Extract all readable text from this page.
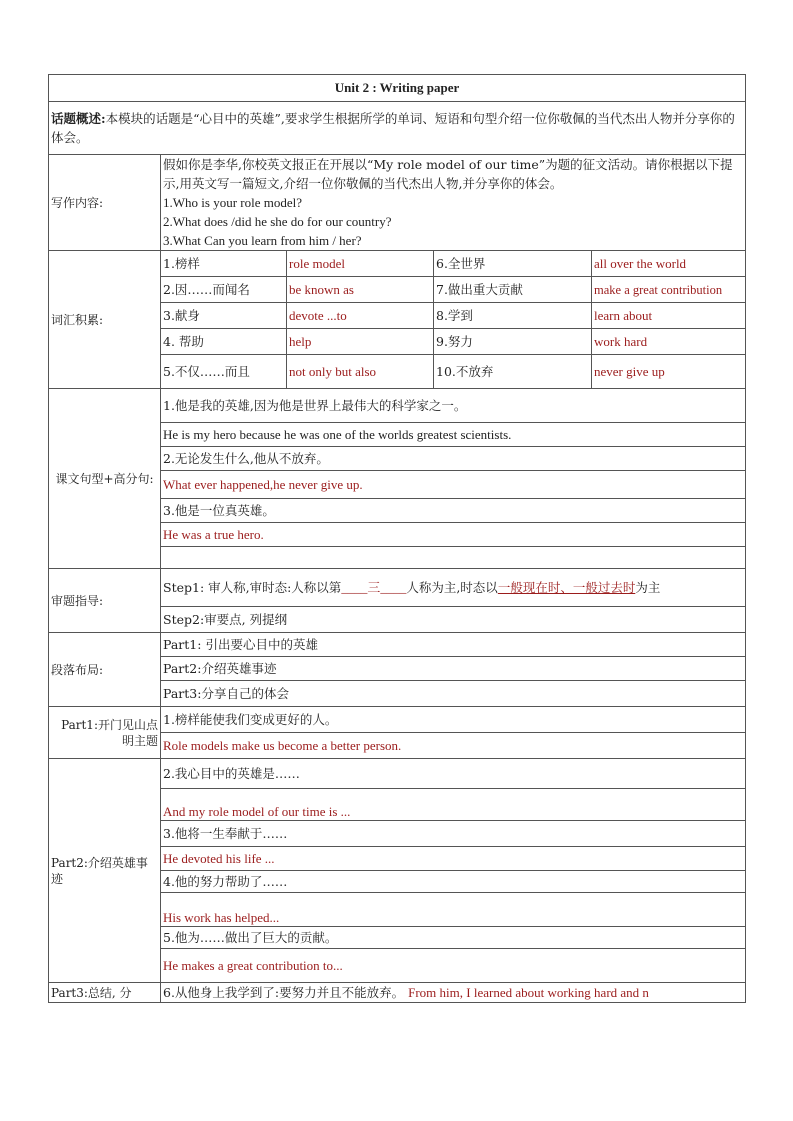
Unit 2 : Writing paper				
话题概述:本模块的话题是“心目中的英雄”,要求学生根据所学的单词、短语和句型介绍一位你敬佩的当代杰出人物并分享你的体会。				
写作内容:	假如你是李华,你校英文报正在开展以“My role model of our time”为题的征文活动。请你根据以下提示,用英文写一篇短文,介绍一位你敬佩的当代杰出人物,并分享你的体会。
1.Who is your role model?
2.What does /did he she do for our country?
3.What Can you learn from him / her?			

词汇积累:	1.榜样	role model	6.全世界	all over the world
	2.因……而闻名	be known as	7.做出重大贡献	make a great contribution
	3.献身	devote ...to	8.学到	learn about
	4. 帮助	help	9.努力	work hard
	5.不仅……而且	not only but also	10.不放弃	never give up
课文句型+高分句:	1.他是我的英雄,因为他是世界上最伟大的科学家之一。			
	He is my hero because he was one of the worlds greatest scientists.			
	2.无论发生什么,他从不放弃。			
	What ever happened,he never give up.			
	3.他是一位真英雄。			
	He was a true hero.			

审题指导:	Step1: 审人称,审时态:人称以第____三____人称为主,时态以一般现在时、一般过去时为主			
	Step2:审要点, 列提纲			
段落布局:	Part1: 引出要心目中的英雄			
	Part2:介绍英雄事迹			
	Part3:分享自己的体会			
Part1:开门见山点明主题	1.榜样能使我们变成更好的人。			
	Role models make us become a better person.			
Part2:介绍英雄事迹	2.我心目中的英雄是……			
	And my role model of our time is ...			
	3.他将一生奉献于……			
	He devoted his life ...			
	4.他的努力帮助了……			
	His work has helped...			
	5.他为……做出了巨大的贡献。			
	He makes a great contribution to...			
Part3:总结, 分	6.从他身上我学到了:要努力并且不能放弃。 From him, I learned about working hard and n			
